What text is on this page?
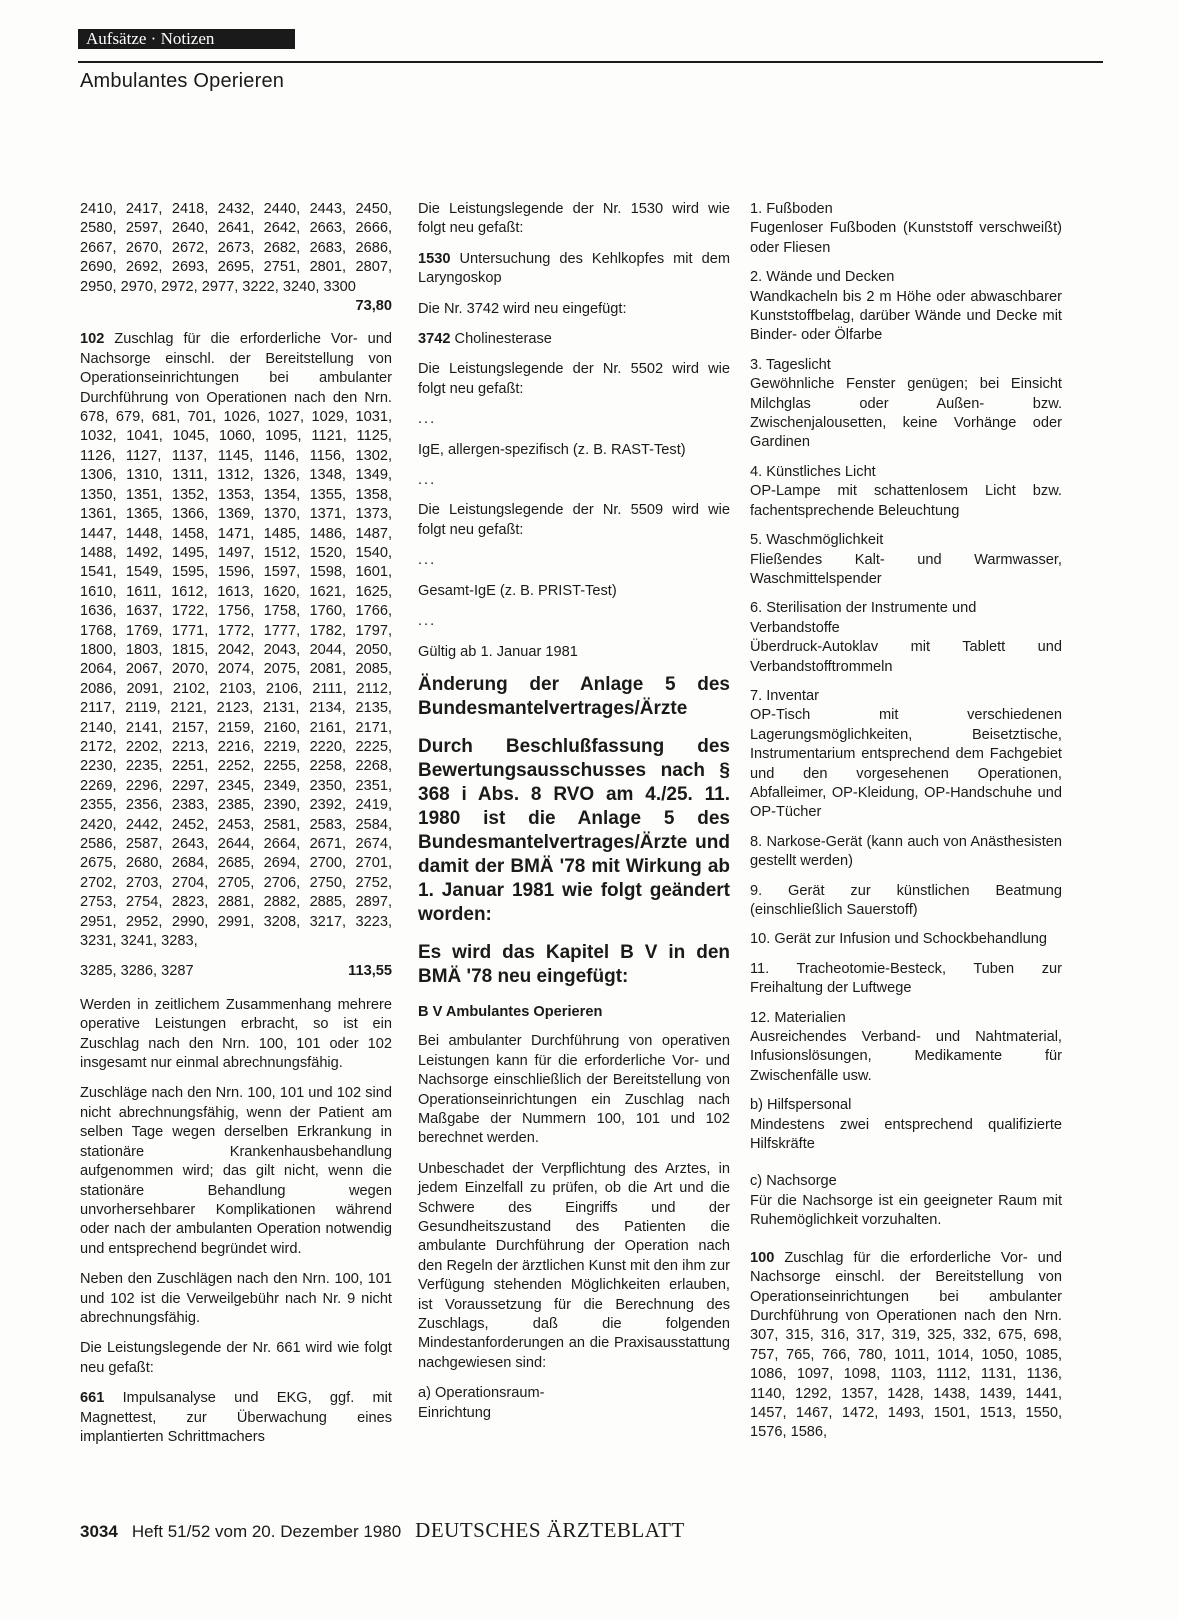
Aufsätze · Notizen
Ambulantes Operieren

2410, 2417, 2418, 2432, 2440, 2443, 2450, 2580, 2597, 2640, 2641, 2642, 2663, 2666, 2667, 2670, 2672, 2673, 2682, 2683, 2686, 2690, 2692, 2693, 2695, 2751, 2801, 2807, 2950, 2970, 2972, 2977, 3222, 3240, 3300

73,80

102 Zuschlag für die erforderliche Vor- und Nachsorge einschl. der Bereitstellung von Operationseinrichtungen bei ambulanter Durchführung von Operationen nach den Nrn. 678, 679, 681, 701, 1026, 1027, 1029, 1031, 1032, 1041, 1045, 1060, 1095, 1121, 1125, 1126, 1127, 1137, 1145, 1146, 1156, 1302, 1306, 1310, 1311, 1312, 1326, 1348, 1349, 1350, 1351, 1352, 1353, 1354, 1355, 1358, 1361, 1365, 1366, 1369, 1370, 1371, 1373, 1447, 1448, 1458, 1471, 1485, 1486, 1487, 1488, 1492, 1495, 1497, 1512, 1520, 1540, 1541, 1549, 1595, 1596, 1597, 1598, 1601, 1610, 1611, 1612, 1613, 1620, 1621, 1625, 1636, 1637, 1722, 1756, 1758, 1760, 1766, 1768, 1769, 1771, 1772, 1777, 1782, 1797, 1800, 1803, 1815, 2042, 2043, 2044, 2050, 2064, 2067, 2070, 2074, 2075, 2081, 2085, 2086, 2091, 2102, 2103, 2106, 2111, 2112, 2117, 2119, 2121, 2123, 2131, 2134, 2135, 2140, 2141, 2157, 2159, 2160, 2161, 2171, 2172, 2202, 2213, 2216, 2219, 2220, 2225, 2230, 2235, 2251, 2252, 2255, 2258, 2268, 2269, 2296, 2297, 2345, 2349, 2350, 2351, 2355, 2356, 2383, 2385, 2390, 2392, 2419, 2420, 2442, 2452, 2453, 2581, 2583, 2584, 2586, 2587, 2643, 2644, 2664, 2671, 2674, 2675, 2680, 2684, 2685, 2694, 2700, 2701, 2702, 2703, 2704, 2705, 2706, 2750, 2752, 2753, 2754, 2823, 2881, 2882, 2885, 2897, 2951, 2952, 2990, 2991, 3208, 3217, 3223, 3231, 3241, 3283,

3285, 3286, 3287	113,55

Werden in zeitlichem Zusammenhang mehrere operative Leistungen erbracht, so ist ein Zuschlag nach den Nrn. 100, 101 oder 102 insgesamt nur einmal abrechnungsfähig.

Zuschläge nach den Nrn. 100, 101 und 102 sind nicht abrechnungsfähig, wenn der Patient am selben Tage wegen derselben Erkrankung in stationäre Krankenhausbehandlung aufgenommen wird; das gilt nicht, wenn die stationäre Behandlung wegen unvorhersehbarer Komplikationen während oder nach der ambulanten Operation notwendig und entsprechend begründet wird.

Neben den Zuschlägen nach den Nrn. 100, 101 und 102 ist die Verweilgebühr nach Nr. 9 nicht abrechnungsfähig.

Die Leistungslegende der Nr. 661 wird wie folgt neu gefaßt:

661 Impulsanalyse und EKG, ggf. mit Magnettest, zur Überwachung eines implantierten Schrittmachers

Die Leistungslegende der Nr. 1530 wird wie folgt neu gefaßt:

1530 Untersuchung des Kehlkopfes mit dem Laryngoskop

Die Nr. 3742 wird neu eingefügt:

3742 Cholinesterase

Die Leistungslegende der Nr. 5502 wird wie folgt neu gefaßt:

...

IgE, allergen-spezifisch (z. B. RAST-Test)

...

Die Leistungslegende der Nr. 5509 wird wie folgt neu gefaßt:

...

Gesamt-IgE (z. B. PRIST-Test)

...

Gültig ab 1. Januar 1981

Änderung der Anlage 5 des Bundesmantelvertrages/Ärzte
Durch Beschlußfassung des Bewertungsausschusses nach § 368 i Abs. 8 RVO am 4./25. 11. 1980 ist die Anlage 5 des Bundesmantelvertrages/Ärzte und damit der BMÄ '78 mit Wirkung ab 1. Januar 1981 wie folgt geändert worden:
Es wird das Kapitel B V in den BMÄ '78 neu eingefügt:
B V Ambulantes Operieren

Bei ambulanter Durchführung von operativen Leistungen kann für die erforderliche Vor- und Nachsorge einschließlich der Bereitstellung von Operationseinrichtungen ein Zuschlag nach Maßgabe der Nummern 100, 101 und 102 berechnet werden.

Unbeschadet der Verpflichtung des Arztes, in jedem Einzelfall zu prüfen, ob die Art und die Schwere des Eingriffs und der Gesundheitszustand des Patienten die ambulante Durchführung der Operation nach den Regeln der ärztlichen Kunst mit den ihm zur Verfügung stehenden Möglichkeiten erlauben, ist Voraussetzung für die Berechnung des Zuschlags, daß die folgenden Mindestanforderungen an die Praxisausstattung nachgewiesen sind:

a) Operationsraum-

Einrichtung

1. Fußboden

Fugenloser Fußboden (Kunststoff verschweißt) oder Fliesen

2. Wände und Decken

Wandkacheln bis 2 m Höhe oder abwaschbarer Kunststoffbelag, darüber Wände und Decke mit Binder- oder Ölfarbe

3. Tageslicht

Gewöhnliche Fenster genügen; bei Einsicht Milchglas oder Außen- bzw. Zwischenjalousetten, keine Vorhänge oder Gardinen

4. Künstliches Licht

OP-Lampe mit schattenlosem Licht bzw. fachentsprechende Beleuchtung

5. Waschmöglichkeit

Fließendes Kalt- und Warmwasser, Waschmittelspender

6. Sterilisation der Instrumente und Verbandstoffe

Überdruck-Autoklav mit Tablett und Verbandstofftrommeln

7. Inventar

OP-Tisch mit verschiedenen Lagerungsmöglichkeiten, Beisetztische, Instrumentarium entsprechend dem Fachgebiet und den vorgesehenen Operationen, Abfalleimer, OP-Kleidung, OP-Handschuhe und OP-Tücher

8. Narkose-Gerät (kann auch von Anästhesisten gestellt werden)

9. Gerät zur künstlichen Beatmung (einschließlich Sauerstoff)

10. Gerät zur Infusion und Schockbehandlung

11. Tracheotomie-Besteck, Tuben zur Freihaltung der Luftwege

12. Materialien

Ausreichendes Verband- und Nahtmaterial, Infusionslösungen, Medikamente für Zwischenfälle usw.

b) Hilfspersonal

Mindestens zwei entsprechend qualifizierte Hilfskräfte

c) Nachsorge

Für die Nachsorge ist ein geeigneter Raum mit Ruhemöglichkeit vorzuhalten.

100 Zuschlag für die erforderliche Vor- und Nachsorge einschl. der Bereitstellung von Operationseinrichtungen bei ambulanter Durchführung von Operationen nach den Nrn. 307, 315, 316, 317, 319, 325, 332, 675, 698, 757, 765, 766, 780, 1011, 1014, 1050, 1085, 1086, 1097, 1098, 1103, 1112, 1131, 1136, 1140, 1292, 1357, 1428, 1438, 1439, 1441, 1457, 1467, 1472, 1493, 1501, 1513, 1550, 1576, 1586,

3034 Heft 51/52 vom 20. Dezember 1980 DEUTSCHES ÄRZTEBLATT
